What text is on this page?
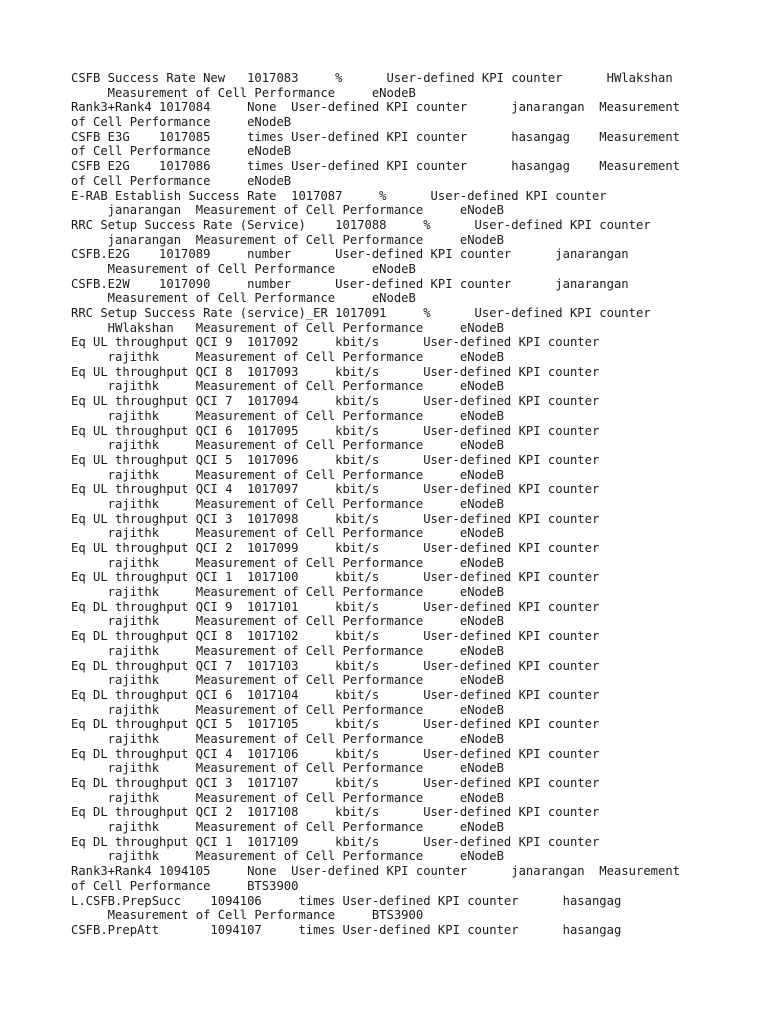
CSFB Success Rate New   1017083     %      User-defined KPI counter      HWlakshan
Measurement of Cell Performance     eNodeB
Rank3+Rank4 1017084     None  User-defined KPI counter      janarangan  Measurement
of Cell Performance     eNodeB
CSFB E3G    1017085     times User-defined KPI counter      hasangag    Measurement
of Cell Performance     eNodeB
CSFB E2G    1017086     times User-defined KPI counter      hasangag    Measurement
of Cell Performance     eNodeB
E-RAB Establish Success Rate  1017087     %      User-defined KPI counter
janarangan  Measurement of Cell Performance     eNodeB
RRC Setup Success Rate (Service)    1017088     %      User-defined KPI counter
janarangan  Measurement of Cell Performance     eNodeB
CSFB.E2G    1017089     number      User-defined KPI counter      janarangan
Measurement of Cell Performance     eNodeB
CSFB.E2W    1017090     number      User-defined KPI counter      janarangan
Measurement of Cell Performance     eNodeB
RRC Setup Success Rate (service)_ER 1017091     %      User-defined KPI counter
HWlakshan   Measurement of Cell Performance     eNodeB
Eq UL throughput QCI 9  1017092     kbit/s      User-defined KPI counter
rajithk     Measurement of Cell Performance     eNodeB
Eq UL throughput QCI 8  1017093     kbit/s      User-defined KPI counter
rajithk     Measurement of Cell Performance     eNodeB
Eq UL throughput QCI 7  1017094     kbit/s      User-defined KPI counter
rajithk     Measurement of Cell Performance     eNodeB
Eq UL throughput QCI 6  1017095     kbit/s      User-defined KPI counter
rajithk     Measurement of Cell Performance     eNodeB
Eq UL throughput QCI 5  1017096     kbit/s      User-defined KPI counter
rajithk     Measurement of Cell Performance     eNodeB
Eq UL throughput QCI 4  1017097     kbit/s      User-defined KPI counter
rajithk     Measurement of Cell Performance     eNodeB
Eq UL throughput QCI 3  1017098     kbit/s      User-defined KPI counter
rajithk     Measurement of Cell Performance     eNodeB
Eq UL throughput QCI 2  1017099     kbit/s      User-defined KPI counter
rajithk     Measurement of Cell Performance     eNodeB
Eq UL throughput QCI 1  1017100     kbit/s      User-defined KPI counter
rajithk     Measurement of Cell Performance     eNodeB
Eq DL throughput QCI 9  1017101     kbit/s      User-defined KPI counter
rajithk     Measurement of Cell Performance     eNodeB
Eq DL throughput QCI 8  1017102     kbit/s      User-defined KPI counter
rajithk     Measurement of Cell Performance     eNodeB
Eq DL throughput QCI 7  1017103     kbit/s      User-defined KPI counter
rajithk     Measurement of Cell Performance     eNodeB
Eq DL throughput QCI 6  1017104     kbit/s      User-defined KPI counter
rajithk     Measurement of Cell Performance     eNodeB
Eq DL throughput QCI 5  1017105     kbit/s      User-defined KPI counter
rajithk     Measurement of Cell Performance     eNodeB
Eq DL throughput QCI 4  1017106     kbit/s      User-defined KPI counter
rajithk     Measurement of Cell Performance     eNodeB
Eq DL throughput QCI 3  1017107     kbit/s      User-defined KPI counter
rajithk     Measurement of Cell Performance     eNodeB
Eq DL throughput QCI 2  1017108     kbit/s      User-defined KPI counter
rajithk     Measurement of Cell Performance     eNodeB
Eq DL throughput QCI 1  1017109     kbit/s      User-defined KPI counter
rajithk     Measurement of Cell Performance     eNodeB
Rank3+Rank4 1094105     None  User-defined KPI counter      janarangan  Measurement
of Cell Performance     BTS3900
L.CSFB.PrepSucc    1094106     times User-defined KPI counter      hasangag
Measurement of Cell Performance     BTS3900
CSFB.PrepAtt       1094107     times User-defined KPI counter      hasangag
